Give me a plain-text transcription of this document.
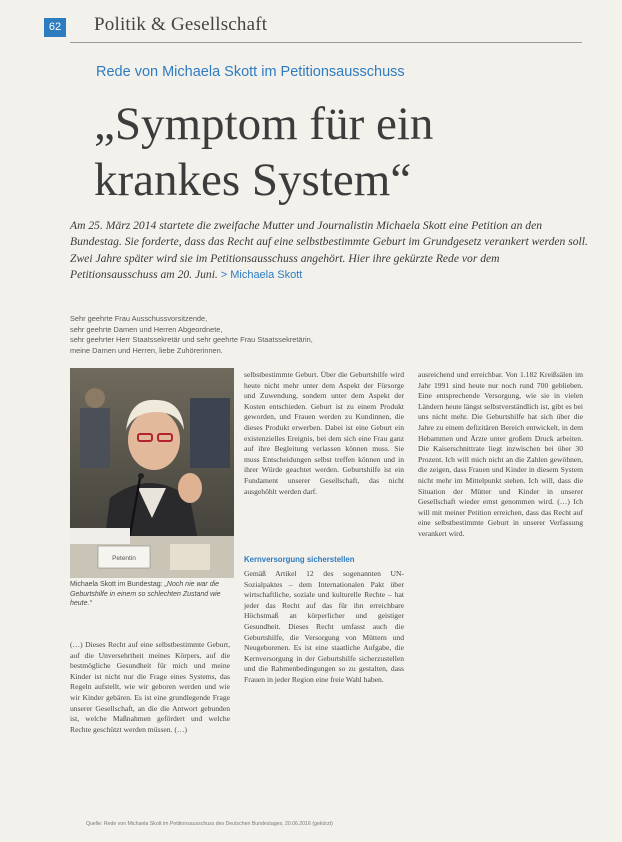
62 Politik & Gesellschaft
Rede von Michaela Skott im Petitionsausschuss
„Symptom für ein
krankes System“

Am 25. März 2014 startete die zweifache Mutter und Journalistin Michaela Skott eine Petition an den Bundestag. Sie forderte, dass das Recht auf eine selbstbestimmte Geburt im Grundgesetz verankert werden soll. Zwei Jahre später wird sie im Petitionsausschuss angehört. Hier ihre gekürzte Rede vor dem Petitionsausschuss am 20. Juni. > Michaela Skott

Sehr geehrte Frau Ausschussvorsitzende,
sehr geehrte Damen und Herren Abgeordnete,
sehr geehrter Herr Staatssekretär und sehr geehrte Frau Staatssekretärin,
meine Damen und Herren, liebe Zuhörerinnen.

Petentin

Michaela Skott im Bundestag: „Noch nie war die Geburtshilfe in einem so schlechten Zustand wie heute.“

(…) Dieses Recht auf eine selbstbestimmte Geburt, auf die Unversehrtheit meines Körpers, auf die bestmögliche Gesundheit für mich und meine Kinder ist nicht nur die Frage eines Systems, das Regeln aufstellt, wie wir geboren werden und wie wir Kinder gebären. Es ist eine grundlegende Frage unserer Gesellschaft, an die die Antwort gebunden ist, welche Maßnahmen gefördert und welche Rechte geschützt werden müssen. (…)

selbstbestimmte Geburt. Über die Geburtshilfe wird heute nicht mehr unter dem Aspekt der Fürsorge und Zuwendung, sondern unter dem Aspekt der Kosten entschieden. Geburt ist zu einem Produkt geworden, und Frauen werden zu Kundinnen, die dieses Produkt erwerben. Dabei ist eine Geburt ein existenzielles Ereignis, bei dem sich eine Frau ganz auf ihre Begleitung verlassen können muss. Sie muss Entscheidungen selbst treffen können und in ihrer Würde geachtet werden. Geburtshilfe ist ein Fundament unserer Gesellschaft, das nicht ausgehöhlt werden darf.

Kernversorgung sicherstellen

Gemäß Artikel 12 des sogenannten UN-Sozialpaktes – dem Internationalen Pakt über wirtschaftliche, soziale und kulturelle Rechte – hat jeder das Recht auf das für ihn erreichbare Höchstmaß an körperlicher und geistiger Gesundheit. Dieses Recht umfasst auch die Geburtshilfe, die Versorgung von Müttern und Neugeborenen. Es ist eine staatliche Aufgabe, die Kernversorgung in der Geburtshilfe sicherzustellen und die Rahmenbedingungen so zu gestalten, dass Frauen in jeder Region eine freie Wahl haben.

ausreichend und erreichbar. Von 1.182 Kreißsälen im Jahr 1991 sind heute nur noch rund 700 geblieben. Eine entsprechende Versorgung, wie sie in vielen Ländern heute längst selbstverständlich ist, gibt es bei uns nicht mehr. Die Geburtshilfe hat sich über die Jahre zu einem defizitären Bereich entwickelt, in dem Hebammen und Ärzte unter großem Druck arbeiten. Die Kaiserschnittrate liegt inzwischen bei über 30 Prozent. Ich will mich nicht an die Zahlen gewöhnen, die zeigen, dass Frauen und Kinder in diesem System nicht mehr im Mittelpunkt stehen. Ich will, dass die Situation der Mütter und Kinder in unserer Gesellschaft wieder ernst genommen wird. (…) Ich will mit meiner Petition erreichen, dass das Recht auf eine selbstbestimmte Geburt in unserer Verfassung verankert wird.

Quelle: Rede von Michaela Skott im Petitionsausschuss des Deutschen Bundestages, 20.06.2016 (gekürzt)
